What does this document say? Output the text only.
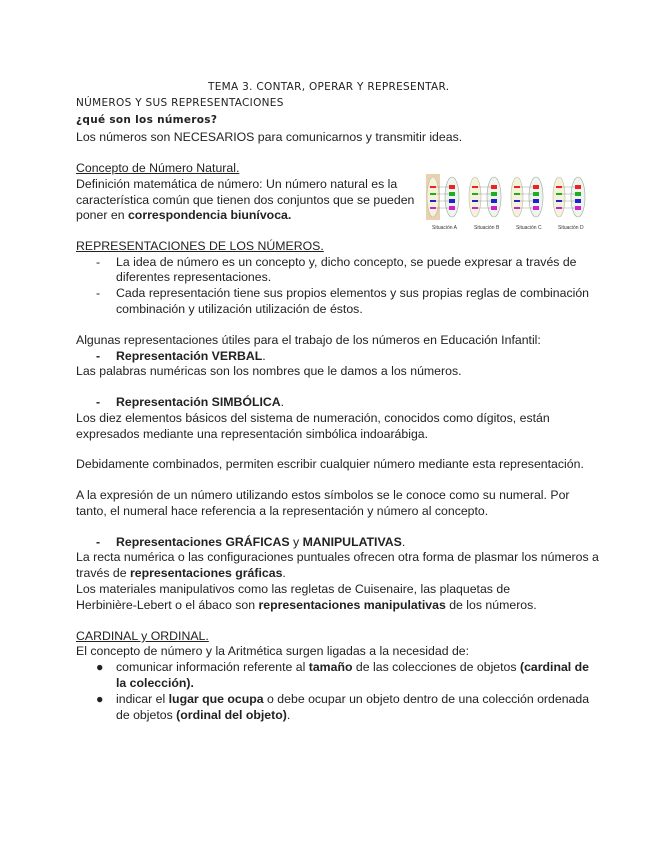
TEMA 3. CONTAR, OPERAR Y REPRESENTAR.
NÚMEROS Y SUS REPRESENTACIONES
¿qué son los números?
Los números son NECESARIOS para comunicarnos y transmitir ideas.
Concepto de Número Natural.
Definición matemática de número: Un número natural es la
característica común que tienen dos conjuntos que se pueden
poner en correspondencia biunívoca.
Situación A	Situación B	Situación C	Situación D
REPRESENTACIONES DE LOS NÚMEROS.
- La idea de número es un concepto y, dicho concepto, se puede expresar a través de
diferentes representaciones.
- Cada representación tiene sus propios elementos y sus propias reglas de combinación
combinación y utilización utilización de éstos.
Algunas representaciones útiles para el trabajo de los números en Educación Infantil:
- Representación VERBAL.
Las palabras numéricas son los nombres que le damos a los números.
- Representación SIMBÓLICA.
Los diez elementos básicos del sistema de numeración, conocidos como dígitos, están
expresados mediante una representación simbólica indoarábiga.
Debidamente combinados, permiten escribir cualquier número mediante esta representación.
A la expresión de un número utilizando estos símbolos se le conoce como su numeral. Por
tanto, el numeral hace referencia a la representación y número al concepto.
- Representaciones GRÁFICAS y MANIPULATIVAS.
La recta numérica o las configuraciones puntuales ofrecen otra forma de plasmar los números a
través de representaciones gráficas.
Los materiales manipulativos como las regletas de Cuisenaire, las plaquetas de
Herbinière-Lebert o el ábaco son representaciones manipulativas de los números.
CARDINAL y ORDINAL.
El concepto de número y la Aritmética surgen ligadas a la necesidad de:
● comunicar información referente al tamaño de las colecciones de objetos (cardinal de
la colección).
● indicar el lugar que ocupa o debe ocupar un objeto dentro de una colección ordenada
de objetos (ordinal del objeto).
